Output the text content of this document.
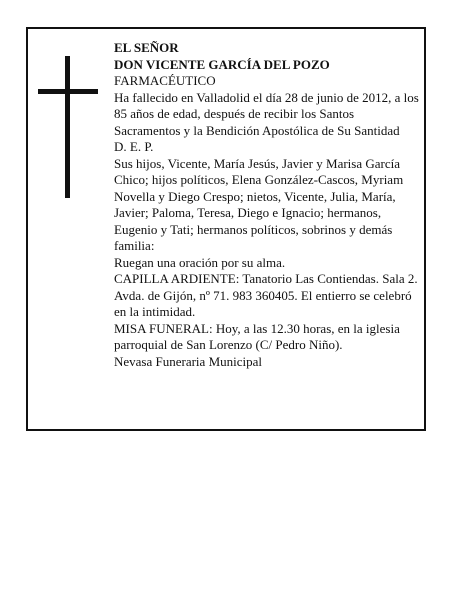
EL SEÑOR

DON VICENTE GARCÍA DEL POZO

FARMACÉUTICO

Ha fallecido en Valladolid el día 28 de junio de 2012, a los 85 años de edad, después de recibir los Santos Sacramentos y la Bendición Apostólica de Su Santidad

D. E. P.

Sus hijos, Vicente, María Jesús, Javier y Marisa García Chico; hijos políticos, Elena González-Cascos, Myriam Novella y Diego Crespo; nietos, Vicente, Julia, María, Javier; Paloma, Teresa, Diego e Ignacio; hermanos, Eugenio y Tati; hermanos políticos, sobrinos y demás familia:

Ruegan una oración por su alma.

CAPILLA ARDIENTE: Tanatorio Las Contiendas. Sala 2. Avda. de Gijón, nº 71. 983 360405. El entierro se celebró en la intimidad.

MISA FUNERAL: Hoy, a las 12.30 horas, en la iglesia parroquial de San Lorenzo (C/ Pedro Niño).

Nevasa Funeraria Municipal
